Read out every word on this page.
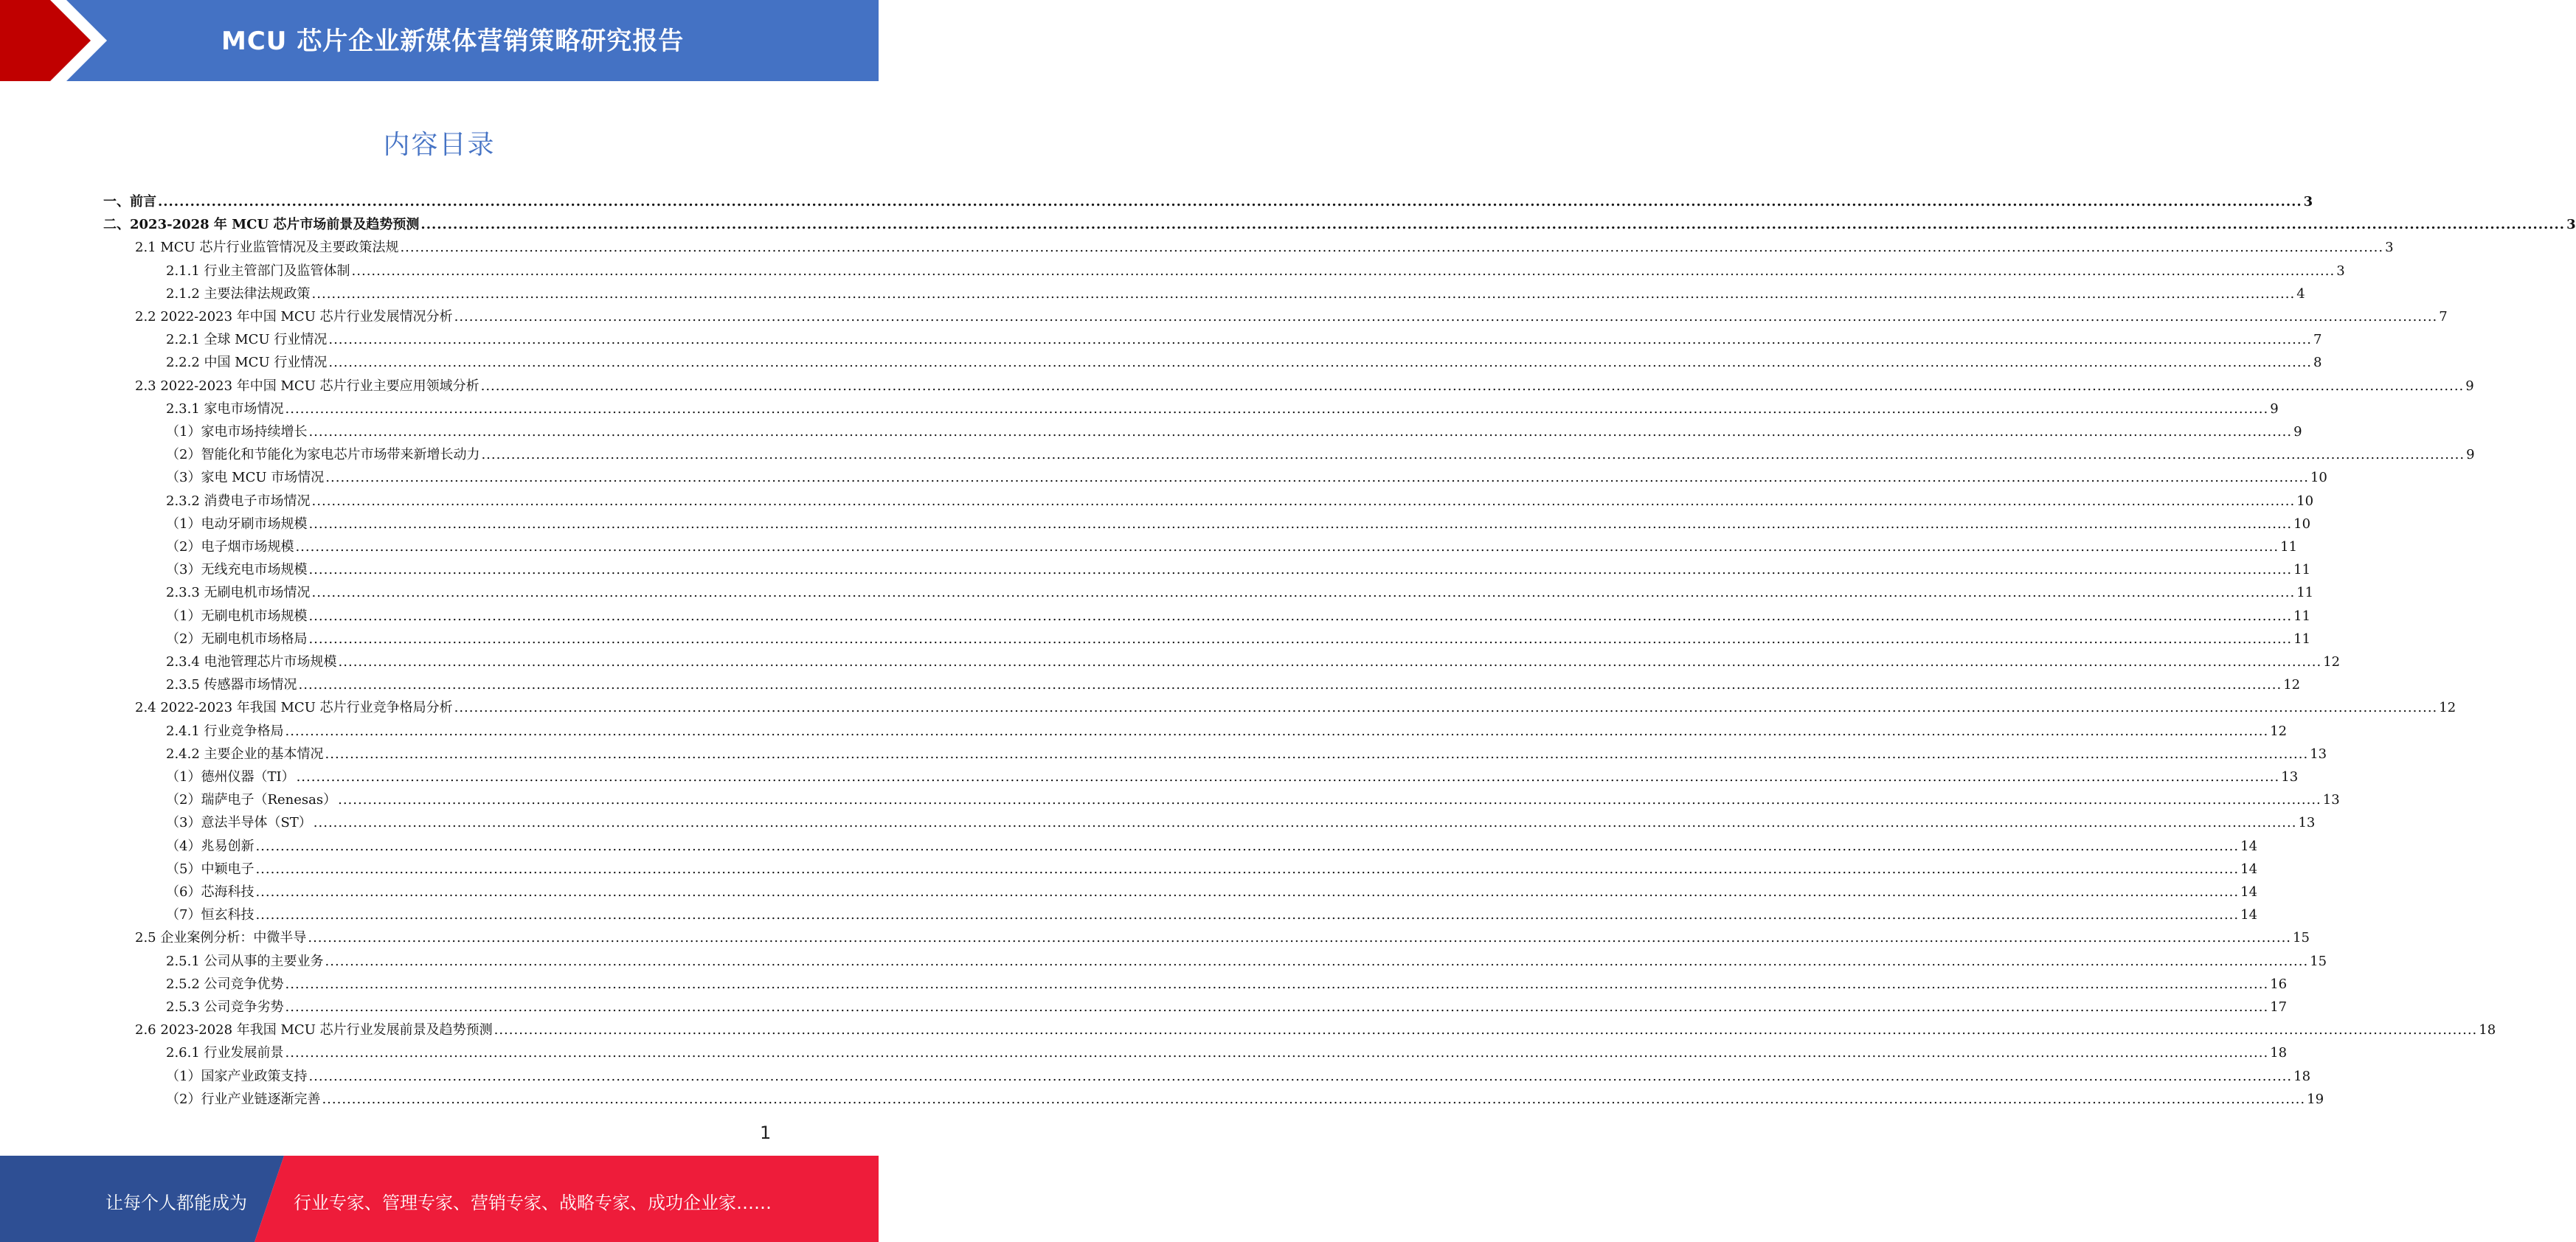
MCU 芯片企业新媒体营销策略研究报告
内容目录
一、前言 ................................................................................................................................................................................................................................................................................................................................................................................................................ 3
二、2023-2028 年 MCU 芯片市场前景及趋势预测 ................................................................................................................................................................................................................................................................................................................................................................................................................ 3
2.1 MCU 芯片行业监管情况及主要政策法规 ................................................................................................................................................................................................................................................................................................................................................................................................................ 3
2.1.1 行业主管部门及监管体制 ................................................................................................................................................................................................................................................................................................................................................................................................................ 3
2.1.2 主要法律法规政策 ................................................................................................................................................................................................................................................................................................................................................................................................................ 4
2.2 2022-2023 年中国 MCU 芯片行业发展情况分析 ................................................................................................................................................................................................................................................................................................................................................................................................................ 7
2.2.1 全球 MCU 行业情况 ................................................................................................................................................................................................................................................................................................................................................................................................................ 7
2.2.2 中国 MCU 行业情况 ................................................................................................................................................................................................................................................................................................................................................................................................................ 8
2.3 2022-2023 年中国 MCU 芯片行业主要应用领域分析 ................................................................................................................................................................................................................................................................................................................................................................................................................ 9
2.3.1 家电市场情况 ................................................................................................................................................................................................................................................................................................................................................................................................................ 9
（1）家电市场持续增长 ................................................................................................................................................................................................................................................................................................................................................................................................................ 9
（2）智能化和节能化为家电芯片市场带来新增长动力 ................................................................................................................................................................................................................................................................................................................................................................................................................ 9
（3）家电 MCU 市场情况 ................................................................................................................................................................................................................................................................................................................................................................................................................ 10
2.3.2 消费电子市场情况 ................................................................................................................................................................................................................................................................................................................................................................................................................ 10
（1）电动牙刷市场规模 ................................................................................................................................................................................................................................................................................................................................................................................................................ 10
（2）电子烟市场规模 ................................................................................................................................................................................................................................................................................................................................................................................................................ 11
（3）无线充电市场规模 ................................................................................................................................................................................................................................................................................................................................................................................................................ 11
2.3.3 无刷电机市场情况 ................................................................................................................................................................................................................................................................................................................................................................................................................ 11
（1）无刷电机市场规模 ................................................................................................................................................................................................................................................................................................................................................................................................................ 11
（2）无刷电机市场格局 ................................................................................................................................................................................................................................................................................................................................................................................................................ 11
2.3.4 电池管理芯片市场规模 ................................................................................................................................................................................................................................................................................................................................................................................................................ 12
2.3.5 传感器市场情况 ................................................................................................................................................................................................................................................................................................................................................................................................................ 12
2.4 2022-2023 年我国 MCU 芯片行业竞争格局分析 ................................................................................................................................................................................................................................................................................................................................................................................................................ 12
2.4.1 行业竞争格局 ................................................................................................................................................................................................................................................................................................................................................................................................................ 12
2.4.2 主要企业的基本情况 ................................................................................................................................................................................................................................................................................................................................................................................................................ 13
（1）德州仪器（TI） ................................................................................................................................................................................................................................................................................................................................................................................................................ 13
（2）瑞萨电子（Renesas） ................................................................................................................................................................................................................................................................................................................................................................................................................ 13
（3）意法半导体（ST） ................................................................................................................................................................................................................................................................................................................................................................................................................ 13
（4）兆易创新 ................................................................................................................................................................................................................................................................................................................................................................................................................ 14
（5）中颖电子 ................................................................................................................................................................................................................................................................................................................................................................................................................ 14
（6）芯海科技 ................................................................................................................................................................................................................................................................................................................................................................................................................ 14
（7）恒玄科技 ................................................................................................................................................................................................................................................................................................................................................................................................................ 14
2.5 企业案例分析：中微半导 ................................................................................................................................................................................................................................................................................................................................................................................................................ 15
2.5.1 公司从事的主要业务 ................................................................................................................................................................................................................................................................................................................................................................................................................ 15
2.5.2 公司竞争优势 ................................................................................................................................................................................................................................................................................................................................................................................................................ 16
2.5.3 公司竞争劣势 ................................................................................................................................................................................................................................................................................................................................................................................................................ 17
2.6 2023-2028 年我国 MCU 芯片行业发展前景及趋势预测 ................................................................................................................................................................................................................................................................................................................................................................................................................ 18
2.6.1 行业发展前景 ................................................................................................................................................................................................................................................................................................................................................................................................................ 18
（1）国家产业政策支持 ................................................................................................................................................................................................................................................................................................................................................................................................................ 18
（2）行业产业链逐渐完善 ................................................................................................................................................................................................................................................................................................................................................................................................................ 19
1
让每个人都能成为	行业专家、管理专家、营销专家、战略专家、成功企业家……
